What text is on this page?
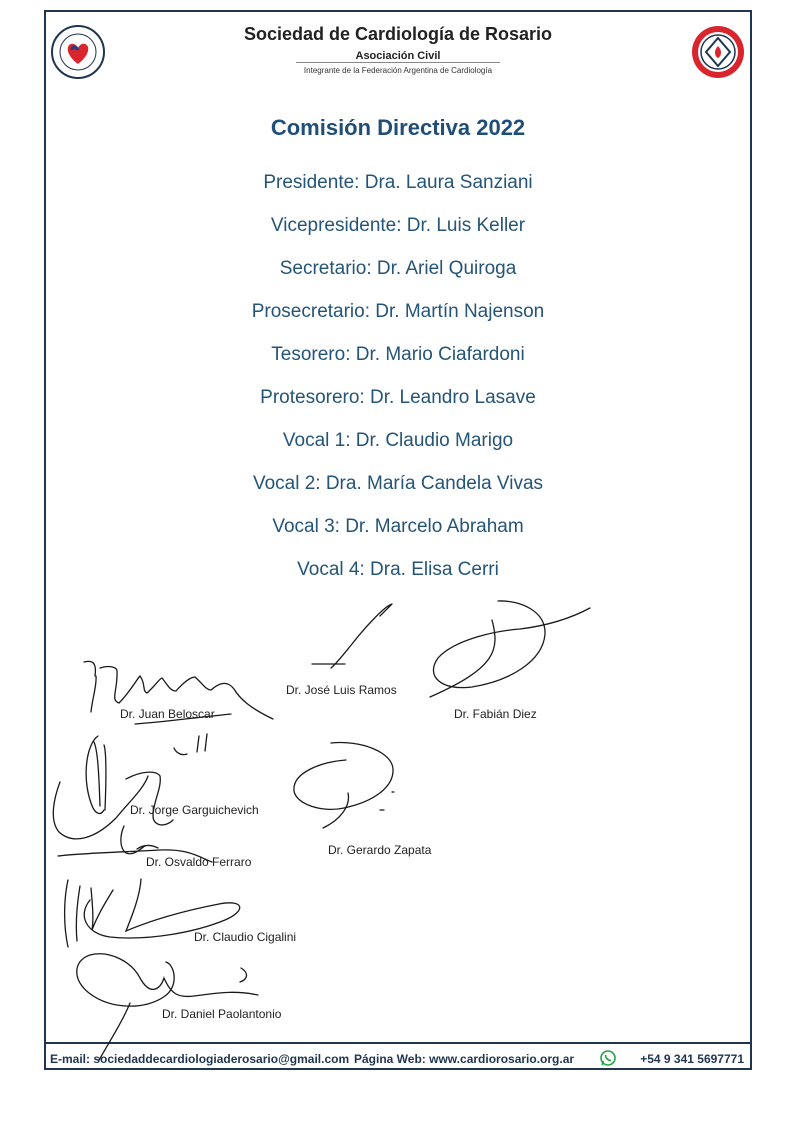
Sociedad de Cardiología de Rosario
Asociación Civil
Integrante de la Federación Argentina de Cardiología
Comisión Directiva 2022
Presidente: Dra. Laura Sanziani
Vicepresidente: Dr. Luis Keller
Secretario: Dr. Ariel Quiroga
Prosecretario: Dr. Martín Najenson
Tesorero: Dr. Mario Ciafardoni
Protesorero: Dr. Leandro Lasave
Vocal 1: Dr. Claudio Marigo
Vocal 2: Dra. María Candela Vivas
Vocal 3: Dr. Marcelo Abraham
Vocal 4: Dra. Elisa Cerri
Dr. José Luis Ramos
Dr. Juan Beloscar	Dr. Fabián Diez
Dr. Jorge Garguichevich
Dr. Gerardo Zapata
Dr. Osvaldo Ferraro
Dr. Claudio Cigalini
Dr. Daniel Paolantonio
E-mail: sociedaddecardiologiaderosario@gmail.com Página Web: www.cardiorosario.org.ar	+54 9 341 5697771
